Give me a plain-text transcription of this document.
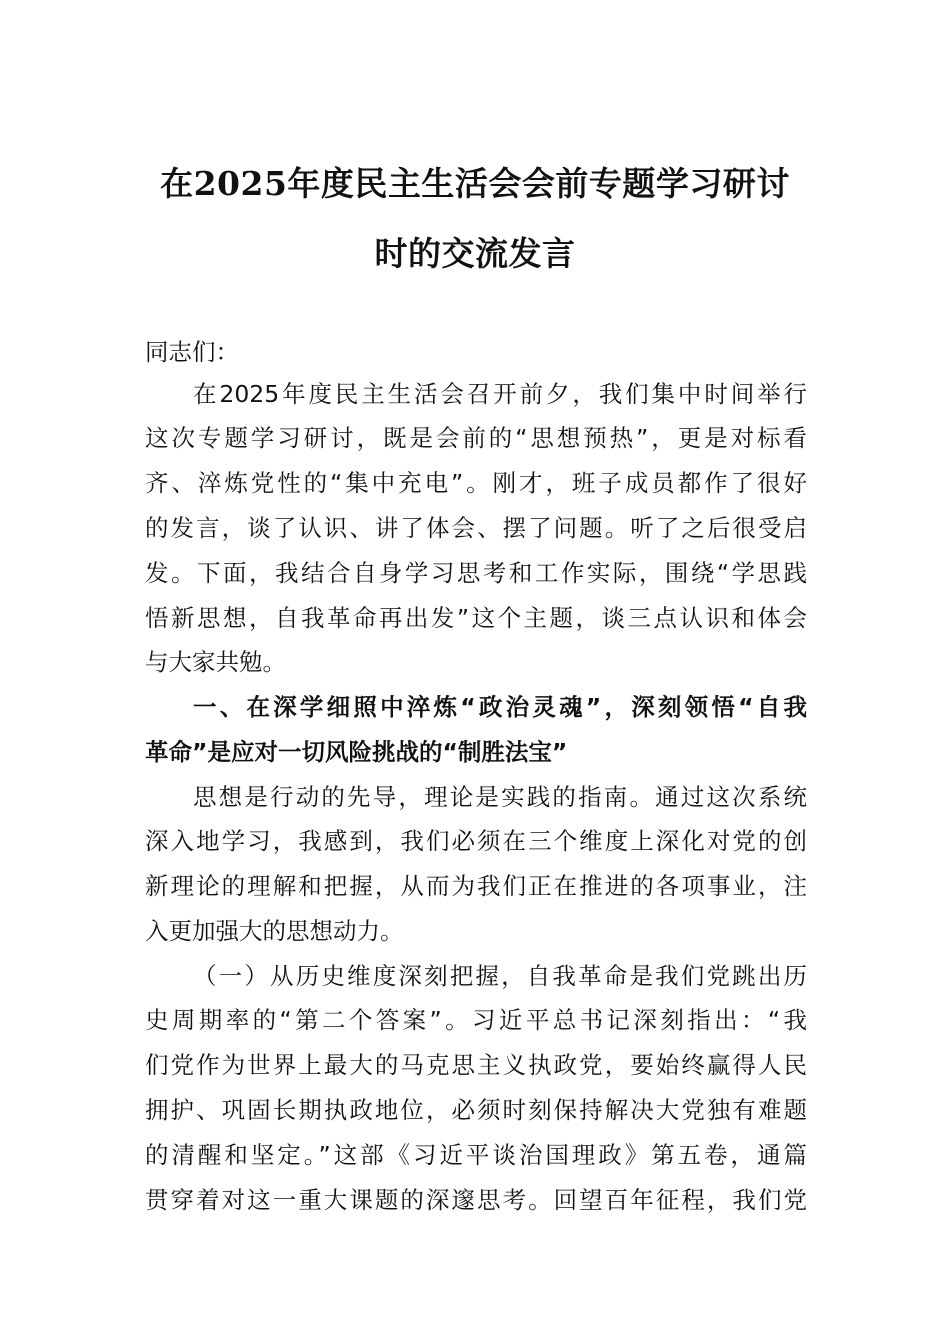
在2025年度民主生活会会前专题学习研讨
时的交流发言

同志们：

在2025年度民主生活会召开前夕，我们集中时间举行

这次专题学习研讨，既是会前的“思想预热”，更是对标看

齐、淬炼党性的“集中充电”。刚才，班子成员都作了很好

的发言，谈了认识、讲了体会、摆了问题。听了之后很受启

发。下面，我结合自身学习思考和工作实际，围绕“学思践

悟新思想，自我革命再出发”这个主题，谈三点认识和体会

与大家共勉。

一、在深学细照中淬炼“政治灵魂”，深刻领悟“自我

革命”是应对一切风险挑战的“制胜法宝”

思想是行动的先导，理论是实践的指南。通过这次系统

深入地学习，我感到，我们必须在三个维度上深化对党的创

新理论的理解和把握，从而为我们正在推进的各项事业，注

入更加强大的思想动力。

（一）从历史维度深刻把握，自我革命是我们党跳出历

史周期率的“第二个答案”。习近平总书记深刻指出：“我

们党作为世界上最大的马克思主义执政党，要始终赢得人民

拥护、巩固长期执政地位，必须时刻保持解决大党独有难题

的清醒和坚定。”这部《习近平谈治国理政》第五卷，通篇

贯穿着对这一重大课题的深邃思考。回望百年征程，我们党
